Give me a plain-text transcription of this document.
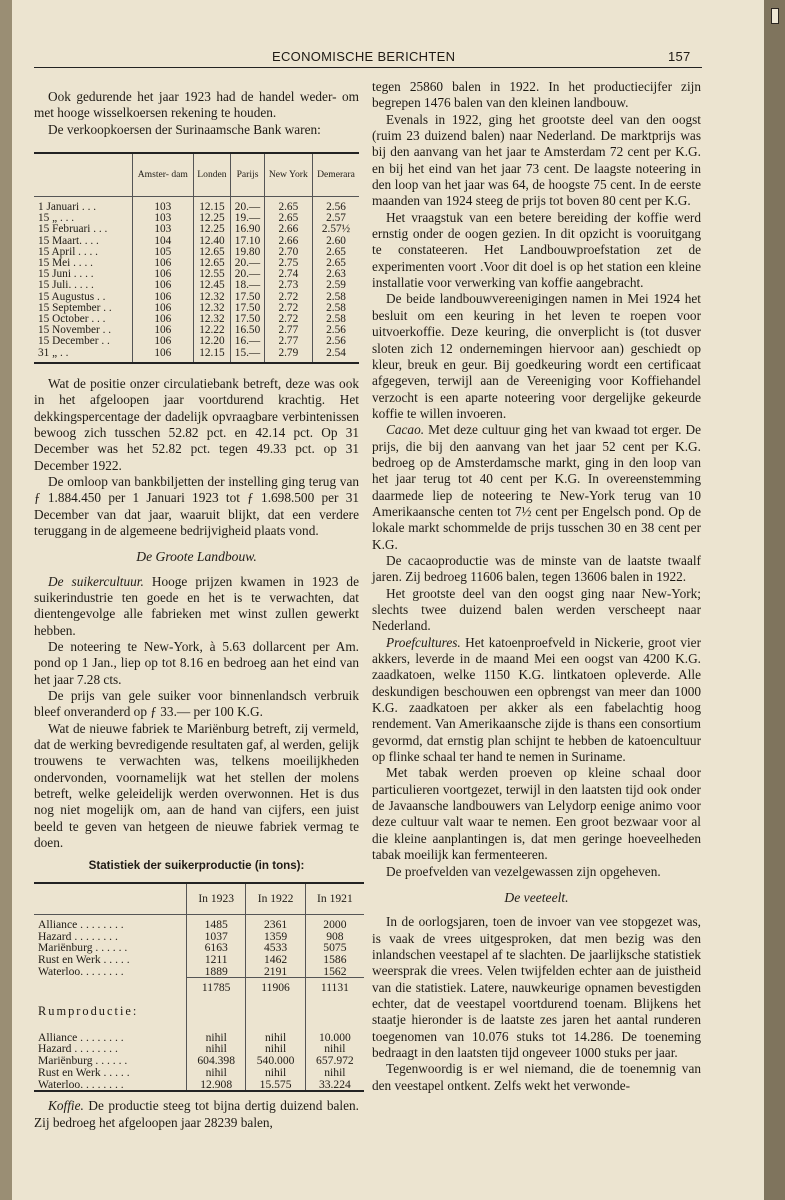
ECONOMISCHE BERICHTEN	157

Ook gedurende het jaar 1923 had de handel weder- om met hooge wisselkoersen rekening te houden.

De verkoopkoersen der Surinaamsche Bank waren:

	Amster- dam	Londen	Parijs	New York	Demerara
1 Januari . . .	103	12.15	20.—	2.65	2.56
15 „ . . .	103	12.25	19.—	2.65	2.57
15 Februari . . .	103	12.25	16.90	2.66	2.57½
15 Maart. . . .	104	12.40	17.10	2.66	2.60
15 April . . . .	105	12.65	19.80	2.70	2.65
15 Mei . . . .	106	12.65	20.—	2.75	2.65
15 Juni . . . .	106	12.55	20.—	2.74	2.63
15 Juli. . . . .	106	12.45	18.—	2.73	2.59
15 Augustus . .	106	12.32	17.50	2.72	2.58
15 September . .	106	12.32	17.50	2.72	2.58
15 October . . .	106	12.32	17.50	2.72	2.58
15 November . .	106	12.22	16.50	2.77	2.56
15 December . .	106	12.20	16.—	2.77	2.56
31 „ . .	106	12.15	15.—	2.79	2.54

Wat de positie onzer circulatiebank betreft, deze was ook in het afgeloopen jaar voortdurend krachtig. Het dekkingspercentage der dadelijk opvraagbare verbintenissen bewoog zich tusschen 52.82 pct. en 42.14 pct. Op 31 December was het 52.82 pct. tegen 49.33 pct. op 31 December 1922.

De omloop van bankbiljetten der instelling ging terug van ƒ 1.884.450 per 1 Januari 1923 tot ƒ 1.698.500 per 31 December van dat jaar, waaruit blijkt, dat een verdere teruggang in de algemeene bedrijvigheid plaats vond.

De Groote Landbouw.

De suikercultuur. Hooge prijzen kwamen in 1923 de suikerindustrie ten goede en het is te verwachten, dat dientengevolge alle fabrieken met winst zullen gewerkt hebben.

De noteering te New-York, à 5.63 dollarcent per Am. pond op 1 Jan., liep op tot 8.16 en bedroeg aan het eind van het jaar 7.28 cts.

De prijs van gele suiker voor binnenlandsch verbruik bleef onveranderd op ƒ 33.— per 100 K.G.

Wat de nieuwe fabriek te Mariënburg betreft, zij vermeld, dat de werking bevredigende resultaten gaf, al werden, gelijk trouwens te verwachten was, telkens moeilijkheden ondervonden, voornamelijk wat het stellen der molens betreft, welke geleidelijk werden overwonnen. Het is dus nog niet mogelijk om, aan de hand van cijfers, een juist beeld te geven van hetgeen de nieuwe fabriek vermag te doen.

Statistiek der suikerproductie (in tons):
	In 1923	In 1922	In 1921
Alliance . . . . . . . .	1485	2361	2000
Hazard . . . . . . . .	1037	1359	908
Mariënburg . . . . . .	6163	4533	5075
Rust en Werk . . . . .	1211	1462	1586
Waterloo. . . . . . . .	1889	2191	1562
	11785	11906	11131
Rumproductie:			
Alliance . . . . . . . .	nihil	nihil	10.000
Hazard . . . . . . . .	nihil	nihil	nihil
Mariënburg . . . . . .	604.398	540.000	657.972
Rust en Werk . . . . .	nihil	nihil	nihil
Waterloo. . . . . . . .	12.908	15.575	33.224

Koffie. De productie steeg tot bijna dertig duizend balen. Zij bedroeg het afgeloopen jaar 28239 balen,

tegen 25860 balen in 1922. In het productiecijfer zijn begrepen 1476 balen van den kleinen landbouw.

Evenals in 1922, ging het grootste deel van den oogst (ruim 23 duizend balen) naar Nederland. De marktprijs was bij den aanvang van het jaar te Amsterdam 72 cent per K.G. en bij het eind van het jaar 73 cent. De laagste noteering in den loop van het jaar was 64, de hoogste 75 cent. In de eerste maanden van 1924 steeg de prijs tot boven 80 cent per K.G.

Het vraagstuk van een betere bereiding der koffie werd ernstig onder de oogen gezien. In dit opzicht is vooruitgang te constateeren. Het Landbouwproefstation zet de experimenten voort .Voor dit doel is op het station een kleine installatie voor verwerking van koffie aangebracht.

De beide landbouwvereenigingen namen in Mei 1924 het besluit om een keuring in het leven te roepen voor uitvoerkoffie. Deze keuring, die onverplicht is (tot dusver sloten zich 12 ondernemingen hiervoor aan) geschiedt op kleur, breuk en geur. Bij goedkeuring wordt een certificaat afgegeven, terwijl aan de Vereeniging voor Koffiehandel verzocht is een aparte noteering voor dergelijke gekeurde koffie te willen invoeren.

Cacao. Met deze cultuur ging het van kwaad tot erger. De prijs, die bij den aanvang van het jaar 52 cent per K.G. bedroeg op de Amsterdamsche markt, ging in den loop van het jaar terug tot 40 cent per K.G. In overeenstemming daarmede liep de noteering te New-York terug van 10 Amerikaansche centen tot 7½ cent per Engelsch pond. Op de lokale markt schommelde de prijs tusschen 30 en 38 cent per K.G.

De cacaoproductie was de minste van de laatste twaalf jaren. Zij bedroeg 11606 balen, tegen 13606 balen in 1922.

Het grootste deel van den oogst ging naar New-York; slechts twee duizend balen werden verscheept naar Nederland.

Proefcultures. Het katoenproefveld in Nickerie, groot vier akkers, leverde in de maand Mei een oogst van 4200 K.G. zaadkatoen, welke 1150 K.G. lintkatoen opleverde. Alle deskundigen beschouwen een opbrengst van meer dan 1000 K.G. zaadkatoen per akker als een fabelachtig hoog rendement. Van Amerikaansche zijde is thans een consortium gevormd, dat ernstig plan schijnt te hebben de katoencultuur op flinke schaal ter hand te nemen in Suriname.

Met tabak werden proeven op kleine schaal door particulieren voortgezet, terwijl in den laatsten tijd ook onder de Javaansche landbouwers van Lelydorp eenige animo voor deze cultuur valt waar te nemen. Een groot bezwaar voor al die kleine aanplantingen is, dat men geringe hoeveelheden tabak moeilijk kan fermenteeren.

De proefvelden van vezelgewassen zijn opgeheven.

De veeteelt.

In de oorlogsjaren, toen de invoer van vee stopgezet was, is vaak de vrees uitgesproken, dat men bezig was den inlandschen veestapel af te slachten. De jaarlijksche statistiek weersprak die vrees. Velen twijfelden echter aan de juistheid van die statistiek. Latere, nauwkeurige opnamen bevestigden echter, dat de veestapel voortdurend toenam. Blijkens het staatje hieronder is de laatste zes jaren het aantal runderen toegenomen van 10.076 stuks tot 14.286. De toeneming bedraagt in den laatsten tijd ongeveer 1000 stuks per jaar.

Tegenwoordig is er wel niemand, die de toenemnig van den veestapel ontkent. Zelfs wekt het verwonde-
